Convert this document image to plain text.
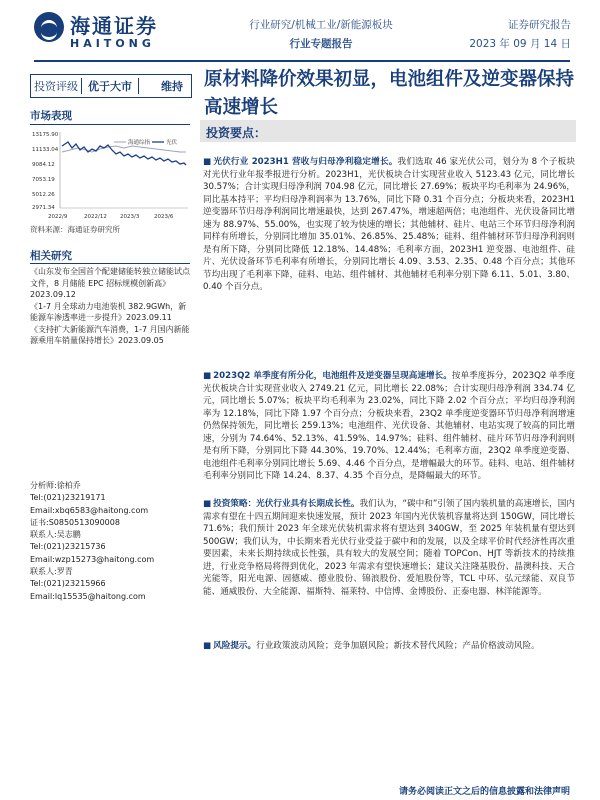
海通证券
HAITONG
行业研究/机械工业/新能源板块
行业专题报告
证券研究报告
2023 年 09 月 14 日
投资评级 优于大市	维持	原材料降价效果初显，电池组件及逆变器保持高速增长
市场表现
13175.90
11133.04
9084.12
7053.19
5012.26
2971.34
2022/9	2022/12 2023/3	2023/6
海通综指	光伏
资料来源：海通证券研究所
相关研究
《山东发布全国首个配建储能转独立储能试点文件，8 月储能 EPC 招标规模创新高》2023.09.12
《1-7 月全球动力电池装机 382.9GWh，新能源车渗透率进一步提升》2023.09.11
《支持扩大新能源汽车消费，1-7 月国内新能源乘用车销量保持增长》2023.09.05
分析师:徐柏乔
Tel:(021)23219171
Email:xbq6583@haitong.com
证书:S0850513090008
联系人:吴志鹏
Tel:(021)23215736
Email:wzp15273@haitong.com
联系人:罗青
Tel:(021)23215966
Email:lq15535@haitong.com
投资要点：
■ 光伏行业 2023H1 营收与归母净利稳定增长。我们选取 46 家光伏公司，划分为 8 个子板块对光伏行业年报季报进行分析。2023H1，光伏板块合计实现营业收入 5123.43 亿元，同比增长 30.57%；合计实现归母净利润 704.98 亿元，同比增长 27.69%；板块平均毛利率为 24.96%，同比基本持平；平均归母净利润率为 13.76%，同比下降 0.31 个百分点；分板块来看，2023H1 逆变器环节归母净利润同比增速最快，达到 267.47%，增速超两倍；电池组件、光伏设备同比增速为 88.97%、55.00%，也实现了较为快速的增长；其他辅材、硅片、电站三个环节归母净利润同样有所增长，分别同比增加 35.01%、26.85%、25.48%；硅料、组件辅材环节归母净利润则是有所下降，分别同比降低 12.18%、14.48%；毛利率方面，2023H1 逆变器、电池组件、硅片、光伏设备环节毛利率有所增长，分别同比增长 4.09、3.53、2.35、0.48 个百分点；其他环节均出现了毛利率下降，硅料、电站、组件辅材、其他辅材毛利率分别下降 6.11、5.01、3.80、0.40 个百分点。
■ 2023Q2 单季度有所分化，电池组件及逆变器呈现高速增长。按单季度拆分，2023Q2 单季度光伏板块合计实现营业收入 2749.21 亿元，同比增长 22.08%；合计实现归母净利润 334.74 亿元，同比增长 5.07%；板块平均毛利率为 23.02%，同比下降 2.02 个百分点；平均归母净利润率为 12.18%，同比下降 1.97 个百分点；分板块来看，23Q2 单季度逆变器环节归母净利润增速仍然保持领先，同比增长 259.13%；电池组件、光伏设备、其他辅材、电站实现了较高的同比增速，分别为 74.64%、52.13%、41.59%、14.97%；硅料、组件辅材、硅片环节归母净利润则是有所下降，分别同比下降 44.30%、19.70%、12.44%；毛利率方面，23Q2 单季度逆变器、电池组件毛利率分别同比增长 5.69、4.46 个百分点，是增幅最大的环节。硅料、电站、组件辅材毛利率分别同比下降 14.24、8.37、4.35 个百分点，是降幅最大的环节。
■ 投资策略：光伏行业具有长期成长性。我们认为，“碳中和”引领了国内装机量的高速增长，国内需求有望在十四五期间迎来快速发展，预计 2023 年国内光伏装机容量将达到 150GW，同比增长 71.6%；我们预计 2023 年全球光伏装机需求将有望达到 340GW，至 2025 年装机量有望达到 500GW；我们认为，中长期来看光伏行业受益于碳中和的发展，以及全球平价时代经济性再次重要因素，未来长期持续成长性强，具有较大的发展空间；随着 TOPCon、HJT 等新技术的持续推进，行业竞争格局将得到优化，2023 年需求有望快速增长；建议关注隆基股份、晶澳科技、天合光能等，阳光电源、固德威、德业股份、锦浪股份、爱旭股份等，TCL 中环、弘元绿能、双良节能、通威股份、大全能源、福斯特、福莱特、中信博、金博股份、正泰电器、林洋能源等。
■ 风险提示。行业政策波动风险；竞争加剧风险；新技术替代风险；产品价格波动风险。
请务必阅读正文之后的信息披露和法律声明
